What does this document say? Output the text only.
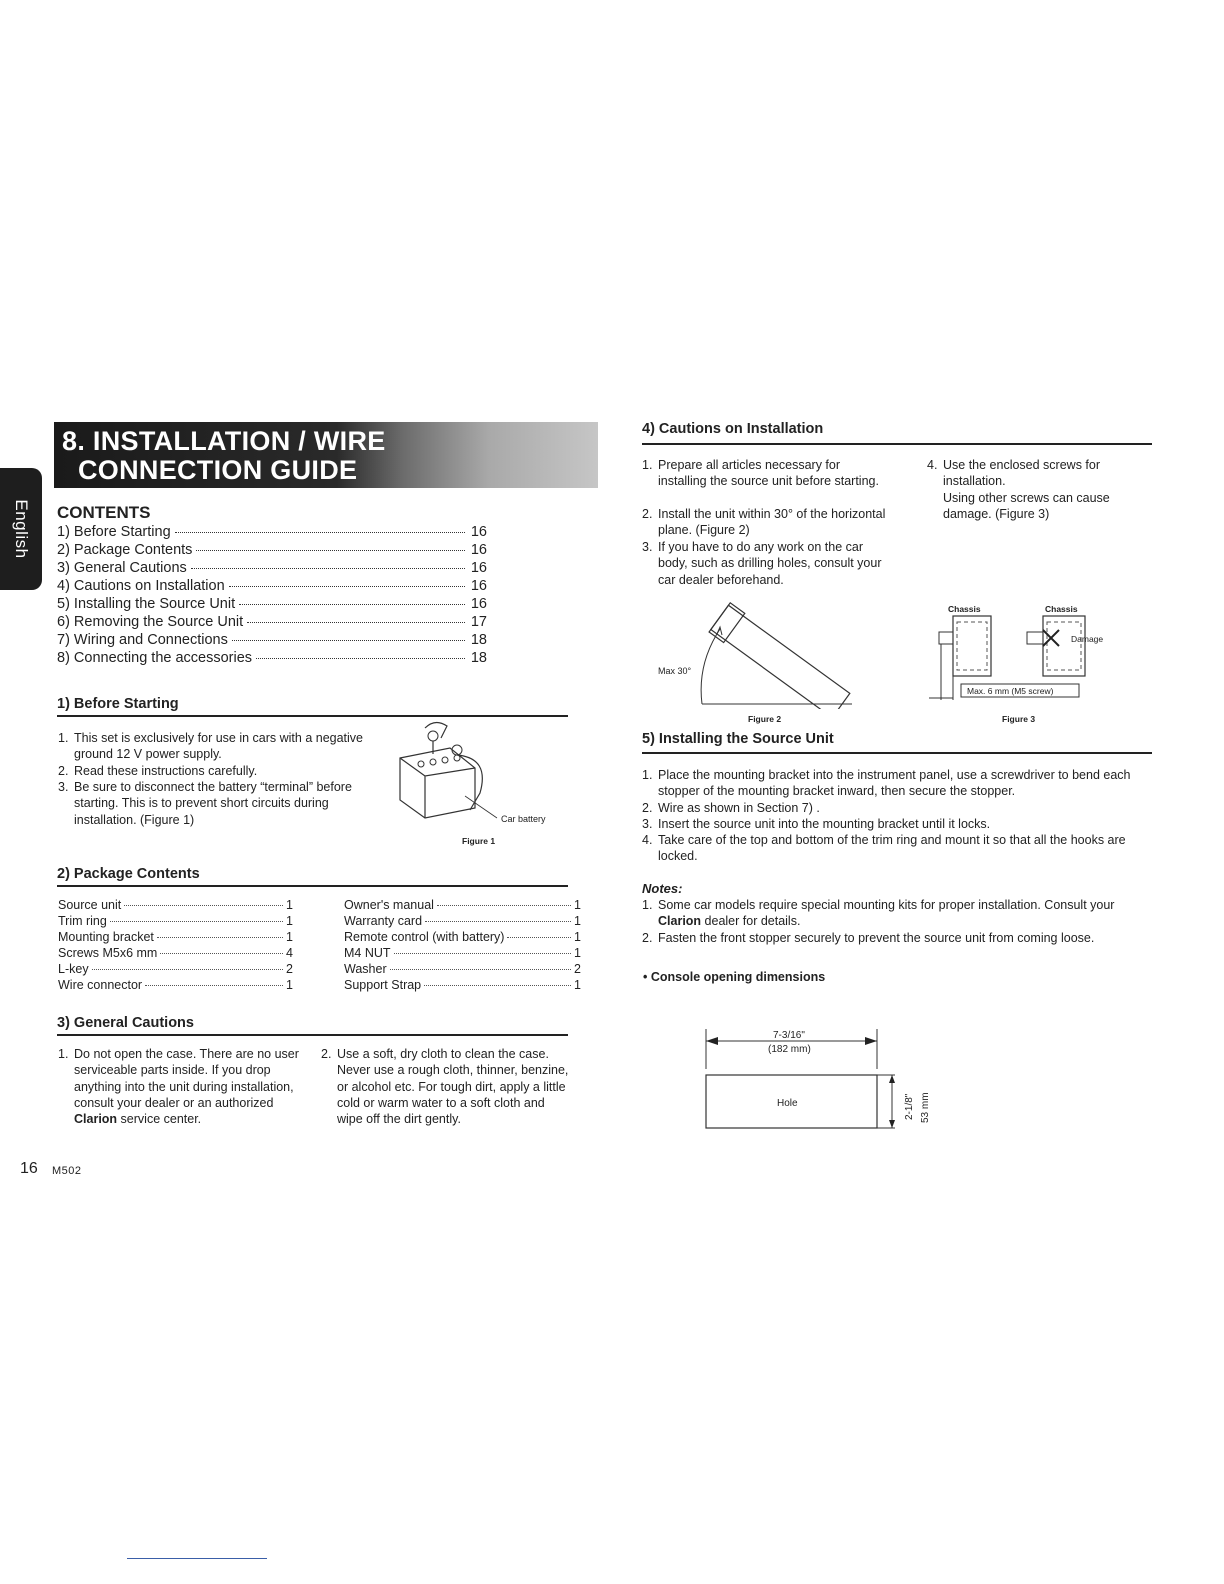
English
8. INSTALLATION / WIRE
CONNECTION GUIDE
CONTENTS
1) Before Starting	16
2) Package Contents	16
3) General Cautions	16
4) Cautions on Installation	16
5) Installing the Source Unit	16
6) Removing the Source Unit	17
7) Wiring and Connections	18
8) Connecting the accessories	18
1) Before Starting
1. This set is exclusively for use in cars with a negative ground 12 V power supply.
2. Read these instructions carefully.
3. Be sure to disconnect the battery “terminal” before starting. This is to prevent short circuits during installation. (Figure 1)	Car battery
Figure 1
2) Package Contents
Source unit	1
Trim ring	1
Mounting bracket	1
Screws M5x6 mm	4
L-key	2
Wire connector	1
Owner's manual	1
Warranty card	1
Remote control (with battery)	1
M4 NUT	1
Washer	2
Support Strap	1
3) General Cautions
1. Do not open the case. There are no user serviceable parts inside. If you drop anything into the unit during installation, consult your dealer or an authorized Clarion service center.
2. Use a soft, dry cloth to clean the case. Never use a rough cloth, thinner, benzine, or alcohol etc. For tough dirt, apply a little cold or warm water to a soft cloth and wipe off the dirt gently.
4) Cautions on Installation
1. Prepare all articles necessary for installing the source unit before starting.
2. Install the unit within 30° of the horizontal plane. (Figure 2)
3. If you have to do any work on the car body, such as drilling holes, consult your car dealer beforehand.
4. Use the enclosed screws for installation.
Using other screws can cause damage. (Figure 3)
Max 30°
Figure 2
Chassis	Chassis
Damage
Max. 6 mm (M5 screw)
Figure 3
5) Installing the Source Unit
1. Place the mounting bracket into the instrument panel, use a screwdriver to bend each stopper of the mounting bracket inward, then secure the stopper.
2. Wire as shown in Section 7) .
3. Insert the source unit into the mounting bracket until it locks.
4. Take care of the top and bottom of the trim ring and mount it so that all the hooks are locked.
Notes:
1. Some car models require special mounting kits for proper installation. Consult your Clarion dealer for details.
2. Fasten the front stopper securely to prevent the source unit from coming loose.
• Console opening dimensions
7-3/16"
(182 mm)
Hole	2-1/8" 53 mm
16 M502
